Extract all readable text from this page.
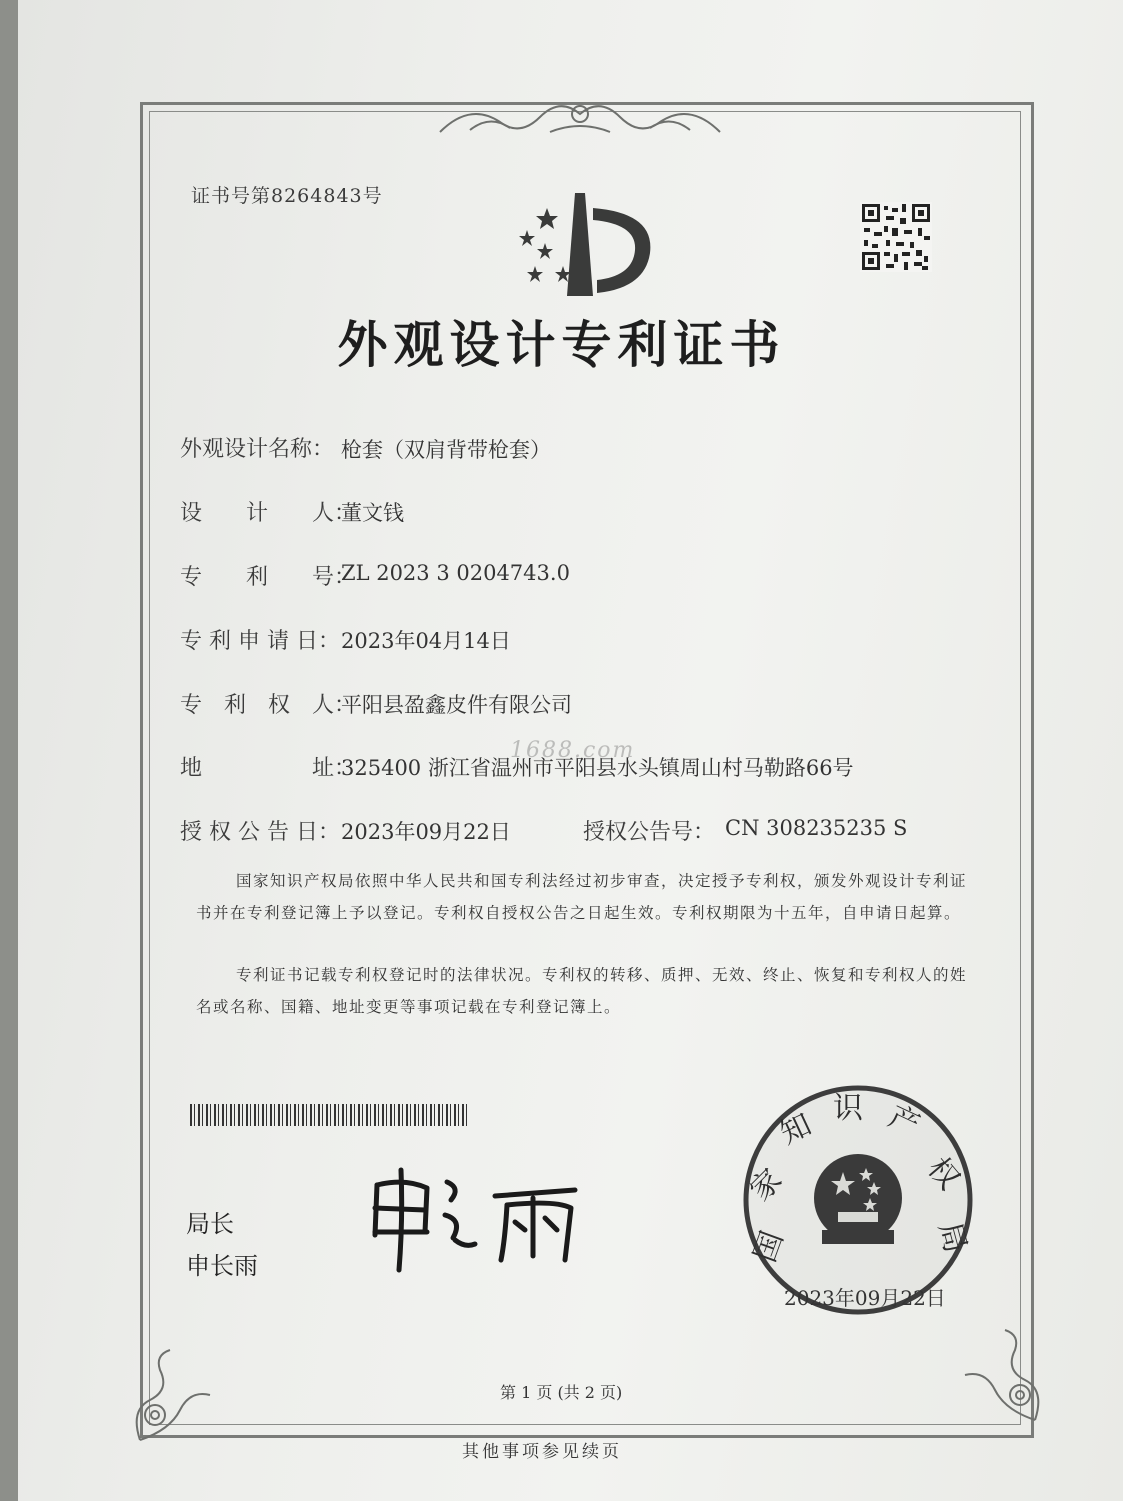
证书号第8264843号
外观设计专利证书
外观设计名称： 枪套（双肩背带枪套）
设　　计　　人：
董文钱
专　　利　　号：
ZL 2023 3 0204743.0
专 利 申 请 日： 2023年04月14日
专　利　权　人：
平阳县盈鑫皮件有限公司
地　　　　　址：
325400 浙江省温州市平阳县水头镇周山村马勒路66号
1688.com
授 权 公 告 日： 2023年09月22日	授权公告号： CN 308235235 S
国家知识产权局依照中华人民共和国专利法经过初步审查，决定授予专利权，颁发外观设计专利证书并在专利登记簿上予以登记。专利权自授权公告之日起生效。专利权期限为十五年，自申请日起算。
专利证书记载专利权登记时的法律状况。专利权的转移、质押、无效、终止、恢复和专利权人的姓名或名称、国籍、地址变更等事项记载在专利登记簿上。
局长
申长雨	国
家
知 识 产
权
局
2023年09月22日
第 1 页 (共 2 页)
其他事项参见续页
